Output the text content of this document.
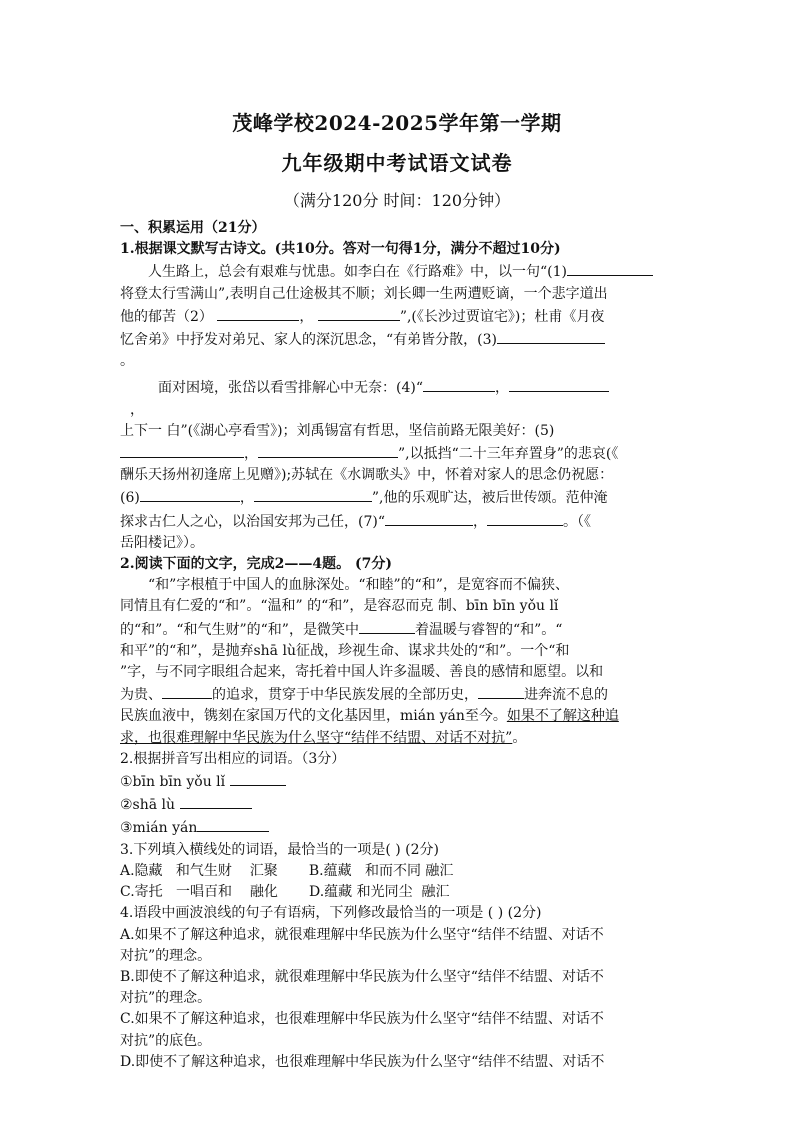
茂峰学校2024-2025学年第一学期
九年级期中考试语文试卷
（满分120分 时间：120分钟）

一、积累运用（21分）

1.根据课文默写古诗文。(共10分。答对一句得1分，满分不超过10分)

人生路上，总会有艰难与忧患。如李白在《行路难》中，以一句“(1)

将登太行雪满山”,表明自己仕途极其不顺；刘长卿一生两遭贬谪，一个悲字道出

他的郁苦（2）	，	”,(《长沙过贾谊宅》)；杜甫《月夜

忆舍弟》中抒发对弟兄、家人的深沉思念，“有弟皆分散，(3)

。

面对困境，张岱以看雪排解心中无奈：(4)“	，

，

上下一 白”(《湖心亭看雪》)；刘禹锡富有哲思，坚信前路无限美好：(5)

，	”,以抵挡“二十三年弃置身”的悲哀(《

酬乐天扬州初逢席上见赠》);苏轼在《水调歌头》中，怀着对家人的思念仍祝愿：

(6)	，	”,他的乐观旷达，被后世传颂。范仲淹

探求古仁人之心，以治国安邦为己任，(7)“	，	。（《

岳阳楼记》）。

2.阅读下面的文字，完成2——4题。 (7分)

“和”字根植于中国人的血脉深处。“和睦”的“和”，是宽容而不偏狭、

同情且有仁爱的“和”。“温和” 的“和”，是容忍而克 制、bīn bīn yǒu lǐ

的“和”。“和气生财”的“和”，是微笑中	着温暖与睿智的“和”。“

和平”的“和”，是抛弃shā lù征战，珍视生命、谋求共处的“和”。一个“和

”字，与不同字眼组合起来，寄托着中国人许多温暖、善良的感情和愿望。以和

为贵、	的追求，贯穿于中华民族发展的全部历史，	进奔流不息的

民族血液中，镌刻在家国万代的文化基因里，mián yán至今。如果不了解这种追

求，也很难理解中华民族为什么坚守“结伴不结盟、对话不对抗”。

2.根据拼音写出相应的词语。（3分）

①bīn bīn yǒu lǐ

②shā lù

③mián yán

3.下列填入横线处的词语，最恰当的一项是( ) (2分)

A.隐藏   和气生财    汇聚       B.蕴藏   和而不同 融汇

C.寄托   一唱百和    融化       D.蕴藏 和光同尘  融汇

4.语段中画波浪线的句子有语病，下列修改最恰当的一项是 ( ) (2分)

A.如果不了解这种追求，就很难理解中华民族为什么坚守“结伴不结盟、对话不

对抗”的理念。

B.即使不了解这种追求，就很难理解中华民族为什么坚守“结伴不结盟、对话不

对抗”的理念。

C.如果不了解这种追求，也很难理解中华民族为什么坚守“结伴不结盟、对话不

对抗”的底色。

D.即使不了解这种追求，也很难理解中华民族为什么坚守“结伴不结盟、对话不
